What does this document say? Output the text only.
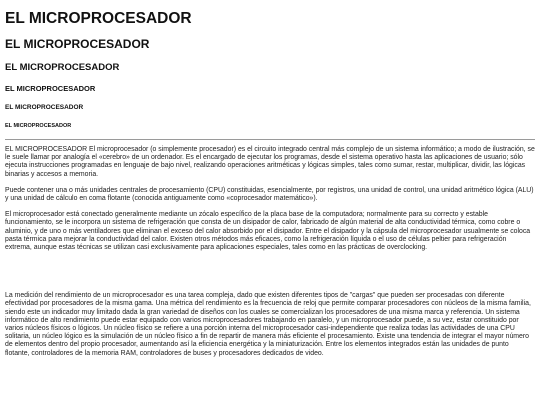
EL MICROPROCESADOR
EL MICROPROCESADOR
EL MICROPROCESADOR
EL MICROPROCESADOR
EL MICROPROCESADOR
EL MICROPROCESADOR

EL MICROPROCESADOR El microprocesador (o simplemente procesador) es el circuito integrado central más complejo de un sistema informático; a modo de ilustración, se le suele llamar por analogía el «cerebro» de un ordenador. Es el encargado de ejecutar los programas, desde el sistema operativo hasta las aplicaciones de usuario; sólo ejecuta instrucciones programadas en lenguaje de bajo nivel, realizando operaciones aritméticas y lógicas simples, tales como sumar, restar, multiplicar, dividir, las lógicas binarias y accesos a memoria.

Puede contener una o más unidades centrales de procesamiento (CPU) constituidas, esencialmente, por registros, una unidad de control, una unidad aritmético lógica (ALU) y una unidad de cálculo en coma flotante (conocida antiguamente como «coprocesador matemático»).

El microprocesador está conectado generalmente mediante un zócalo específico de la placa base de la computadora; normalmente para su correcto y estable funcionamiento, se le incorpora un sistema de refrigeración que consta de un disipador de calor, fabricado de algún material de alta conductividad térmica, como cobre o aluminio, y de uno o más ventiladores que eliminan el exceso del calor absorbido por el disipador. Entre el disipador y la cápsula del microprocesador usualmente se coloca pasta térmica para mejorar la conductividad del calor. Existen otros métodos más eficaces, como la refrigeración líquida o el uso de células peltier para refrigeración extrema, aunque estas técnicas se utilizan casi exclusivamente para aplicaciones especiales, tales como en las prácticas de overclocking.

La medición del rendimiento de un microprocesador es una tarea compleja, dado que existen diferentes tipos de "cargas" que pueden ser procesadas con diferente efectividad por procesadores de la misma gama. Una métrica del rendimiento es la frecuencia de reloj que permite comparar procesadores con núcleos de la misma familia, siendo este un indicador muy limitado dada la gran variedad de diseños con los cuales se comercializan los procesadores de una misma marca y referencia. Un sistema informático de alto rendimiento puede estar equipado con varios microprocesadores trabajando en paralelo, y un microprocesador puede, a su vez, estar constituido por varios núcleos físicos o lógicos. Un núcleo físico se refiere a una porción interna del microprocesador casi-independiente que realiza todas las actividades de una CPU solitaria, un núcleo lógico es la simulación de un núcleo físico a fin de repartir de manera más eficiente el procesamiento. Existe una tendencia de integrar el mayor número de elementos dentro del propio procesador, aumentando así la eficiencia energética y la miniaturización. Entre los elementos integrados están las unidades de punto flotante, controladores de la memoria RAM, controladores de buses y procesadores dedicados de video.
